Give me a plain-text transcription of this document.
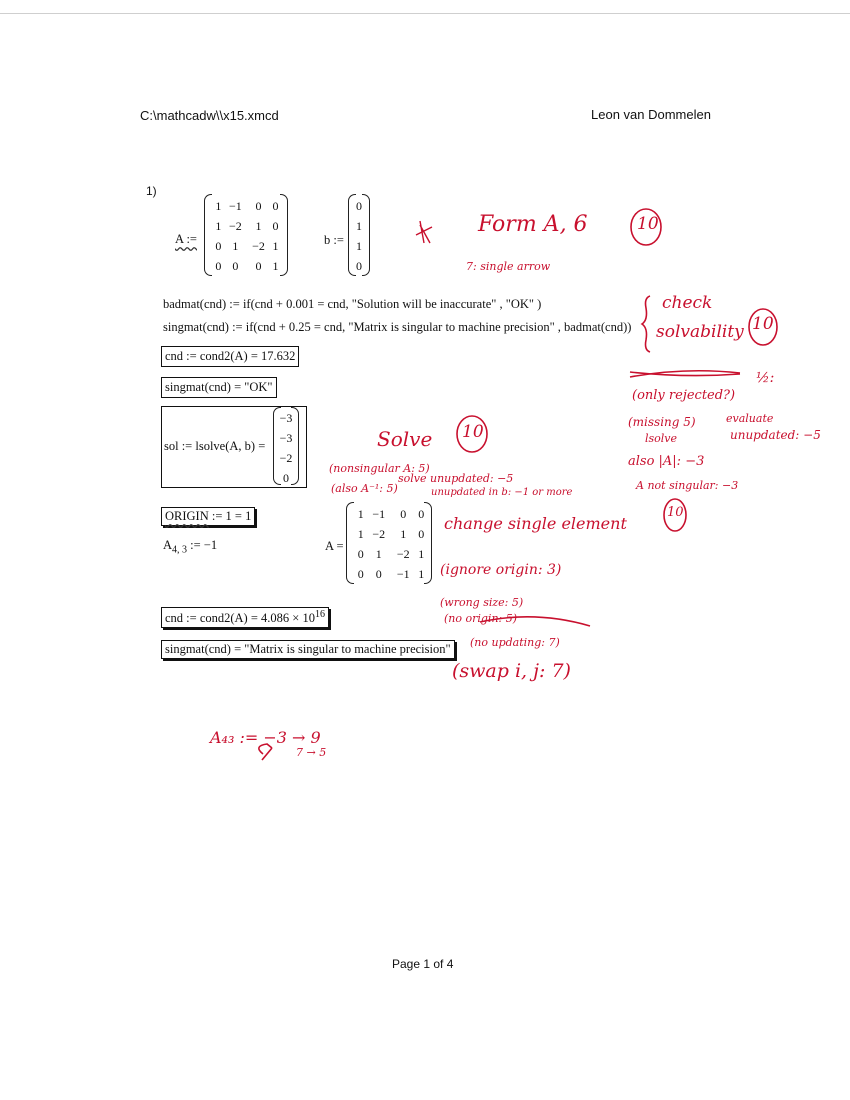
C:\mathcadw\\x15.xmcd	Leon van Dommelen
1)
A :=
1	−1	0	0
1	−2	1	0
0	1	−2	1
0	0	0	1
b :=
0
1
1
0
badmat(cnd) := if(cnd + 0.001 = cnd, "Solution will be inaccurate" , "OK" )
singmat(cnd) := if(cnd + 0.25 = cnd, "Matrix is singular to machine precision" , badmat(cnd))
cnd := cond2(A) = 17.632
singmat(cnd) = "OK"
sol := lsolve(A, b) =
−3
−3
−2
0
ORIGIN := 1 = 1
$A_{4, 3}$ := −1	A =
1	−1	0	0
1	−2	1	0
0	1	−2	1
0	0	−1	1
cnd := cond2(A) = $4.086 \times 10^{16}$
singmat(cnd) = "Matrix is singular to machine precision"
Form A, 6	10
7: single arrow
check
solvability 10
(only rejected?)
½:
(missing 5)
lsolve
evaluate
unupdated: −5
also |A|: −3
A not singular: −3
10
Solve 10
(nonsingular A: 5)
(also A⁻¹: 5)
solve unupdated: −5
unupdated in b: −1 or more
change single element
(ignore origin: 3)
(wrong size: 5)
(no origin: 5)
(no updating: 7)
(swap i, j: 7)
A₄₃ := −3 → 9
7 → 5
Page 1 of 4
